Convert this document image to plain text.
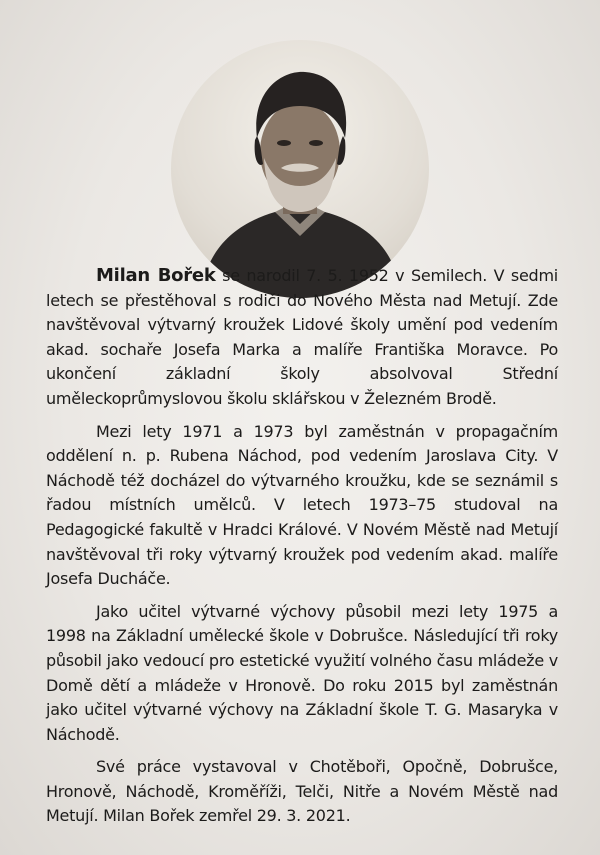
Milan Bořek se narodil 7. 5. 1952 v Semilech. V sedmi letech se přestěhoval s rodiči do Nového Města nad Metují. Zde navštěvoval výtvarný kroužek Lidové školy umění pod vedením akad. sochaře Josefa Marka a malíře Františka Moravce. Po ukončení základní školy absolvoval Střední uměleckoprůmyslovou školu sklářskou v Železném Brodě.

Mezi lety 1971 a 1973 byl zaměstnán v propagačním oddělení n. p. Rubena Náchod, pod vedením Jaroslava City. V Náchodě též docházel do výtvarného kroužku, kde se seznámil s řadou místních umělců. V letech 1973–75 studoval na Pedagogické fakultě v Hradci Králové. V Novém Městě nad Metují navštěvoval tři roky výtvarný kroužek pod vedením akad. malíře Josefa Ducháče.

Jako učitel výtvarné výchovy působil mezi lety 1975 a 1998 na Základní umělecké škole v Dobrušce. Následující tři roky působil jako vedoucí pro estetické využití volného času mládeže v Domě dětí a mládeže v Hronově. Do roku 2015 byl zaměstnán jako učitel výtvarné výchovy na Základní škole T. G. Masaryka v Náchodě.

Své práce vystavoval v Chotěboři, Opočně, Dobrušce, Hronově, Náchodě, Kroměříži, Telči, Nitře a Novém Městě nad Metují. Milan Bořek zemřel 29. 3. 2021.
